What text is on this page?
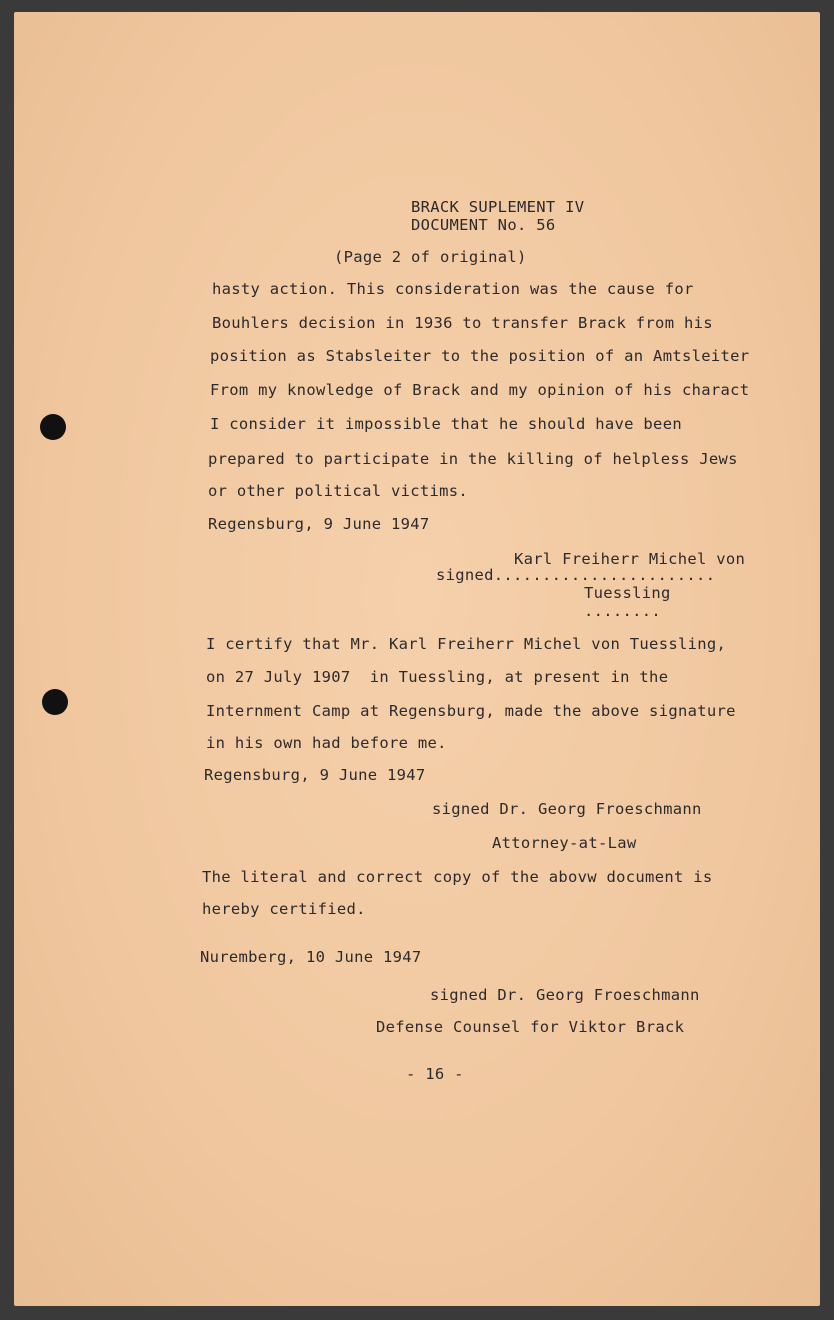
BRACK SUPLEMENT IV
DOCUMENT No. 56
(Page 2 of original)
hasty action. This consideration was the cause for
Bouhlers decision in 1936 to transfer Brack from his
position as Stabsleiter to the position of an Amtsleiter
From my knowledge of Brack and my opinion of his charact
I consider it impossible that he should have been
prepared to participate in the killing of helpless Jews
or other political victims.
Regensburg, 9 June 1947
Karl Freiherr Michel von
signed.......................
Tuessling
........
I certify that Mr. Karl Freiherr Michel von Tuessling,
on 27 July 1907  in Tuessling, at present in the
Internment Camp at Regensburg, made the above signature
in his own had before me.
Regensburg, 9 June 1947
signed Dr. Georg Froeschmann
Attorney-at-Law
The literal and correct copy of the abovw document is
hereby certified.
Nuremberg, 10 June 1947
signed Dr. Georg Froeschmann
Defense Counsel for Viktor Brack
- 16 -
